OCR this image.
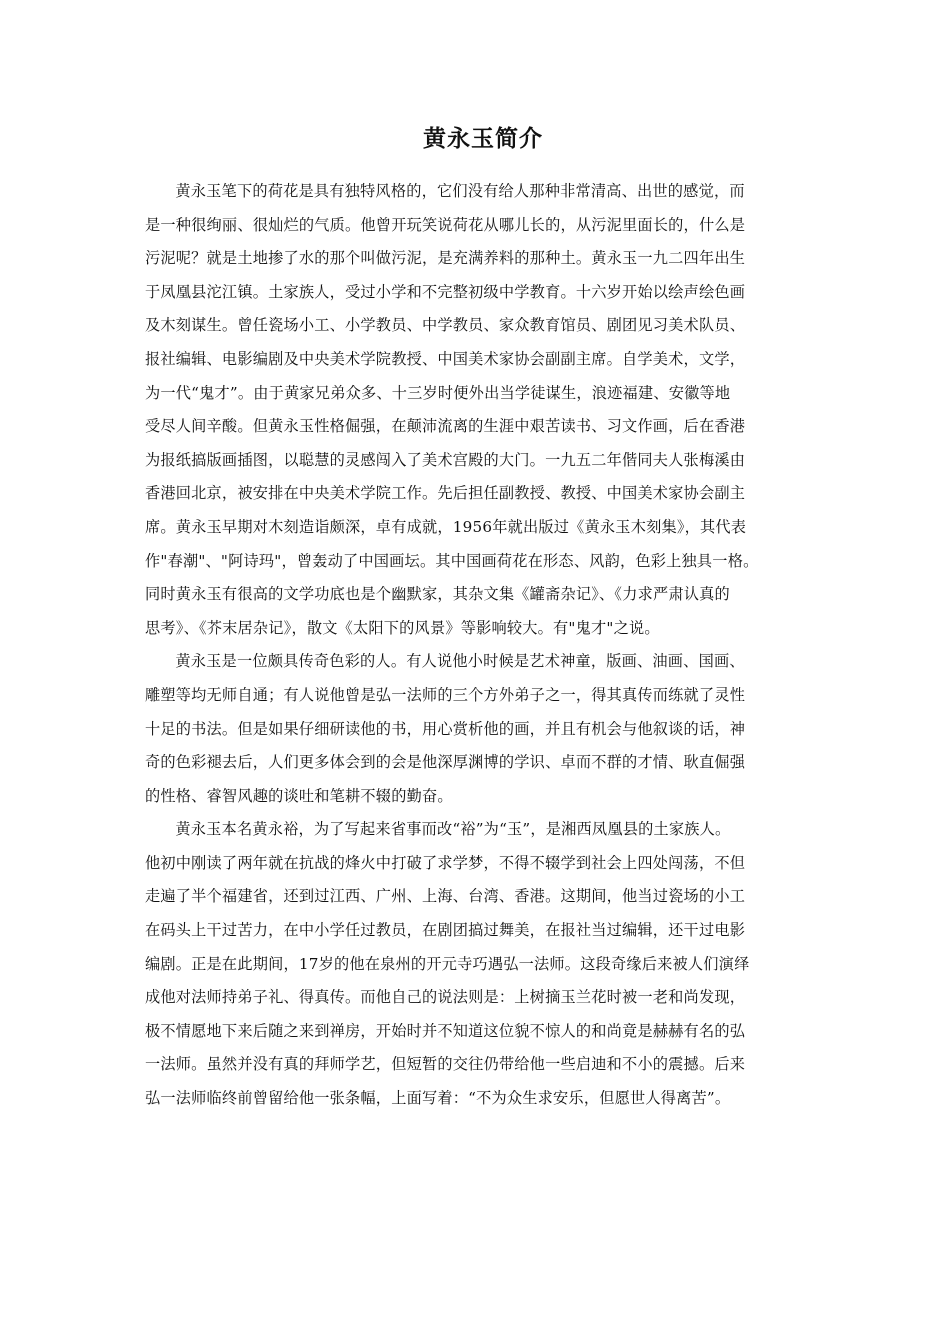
黄永玉简介

黄永玉笔下的荷花是具有独特风格的，它们没有给人那种非常清高、出世的感觉，而
是一种很绚丽、很灿烂的气质。他曾开玩笑说荷花从哪儿长的，从污泥里面长的，什么是
污泥呢？就是土地掺了水的那个叫做污泥，是充满养料的那种土。黄永玉一九二四年出生
于凤凰县沱江镇。土家族人，受过小学和不完整初级中学教育。十六岁开始以绘声绘色画
及木刻谋生。曾任瓷场小工、小学教员、中学教员、家众教育馆员、剧团见习美术队员、
报社编辑、电影编剧及中央美术学院教授、中国美术家协会副副主席。自学美术，文学，
为一代“鬼才”。由于黄家兄弟众多、十三岁时便外出当学徒谋生，浪迹福建、安徽等地
受尽人间辛酸。但黄永玉性格倔强，在颠沛流离的生涯中艰苦读书、习文作画，后在香港
为报纸搞版画插图，以聪慧的灵感闯入了美术宫殿的大门。一九五二年偕同夫人张梅溪由
香港回北京，被安排在中央美术学院工作。先后担任副教授、教授、中国美术家协会副主
席。黄永玉早期对木刻造诣颇深，卓有成就，1956年就出版过《黄永玉木刻集》，其代表
作"春潮"、"阿诗玛"，曾轰动了中国画坛。其中国画荷花在形态、风韵，色彩上独具一格。
同时黄永玉有很高的文学功底也是个幽默家，其杂文集《罐斋杂记》、《力求严肃认真的
思考》、《芥末居杂记》，散文《太阳下的风景》等影响较大。有"鬼才"之说。

黄永玉是一位颇具传奇色彩的人。有人说他小时候是艺术神童，版画、油画、国画、
雕塑等均无师自通；有人说他曾是弘一法师的三个方外弟子之一，得其真传而练就了灵性
十足的书法。但是如果仔细研读他的书，用心赏析他的画，并且有机会与他叙谈的话，神
奇的色彩褪去后，人们更多体会到的会是他深厚渊博的学识、卓而不群的才情、耿直倔强
的性格、睿智风趣的谈吐和笔耕不辍的勤奋。

黄永玉本名黄永裕，为了写起来省事而改“裕”为“玉”，是湘西凤凰县的土家族人。
他初中刚读了两年就在抗战的烽火中打破了求学梦，不得不辍学到社会上四处闯荡，不但
走遍了半个福建省，还到过江西、广州、上海、台湾、香港。这期间，他当过瓷场的小工
在码头上干过苦力，在中小学任过教员，在剧团搞过舞美，在报社当过编辑，还干过电影
编剧。正是在此期间，17岁的他在泉州的开元寺巧遇弘一法师。这段奇缘后来被人们演绎
成他对法师持弟子礼、得真传。而他自己的说法则是：上树摘玉兰花时被一老和尚发现，
极不情愿地下来后随之来到禅房，开始时并不知道这位貌不惊人的和尚竟是赫赫有名的弘
一法师。虽然并没有真的拜师学艺，但短暂的交往仍带给他一些启迪和不小的震撼。后来
弘一法师临终前曾留给他一张条幅，上面写着：“不为众生求安乐，但愿世人得离苦”。
